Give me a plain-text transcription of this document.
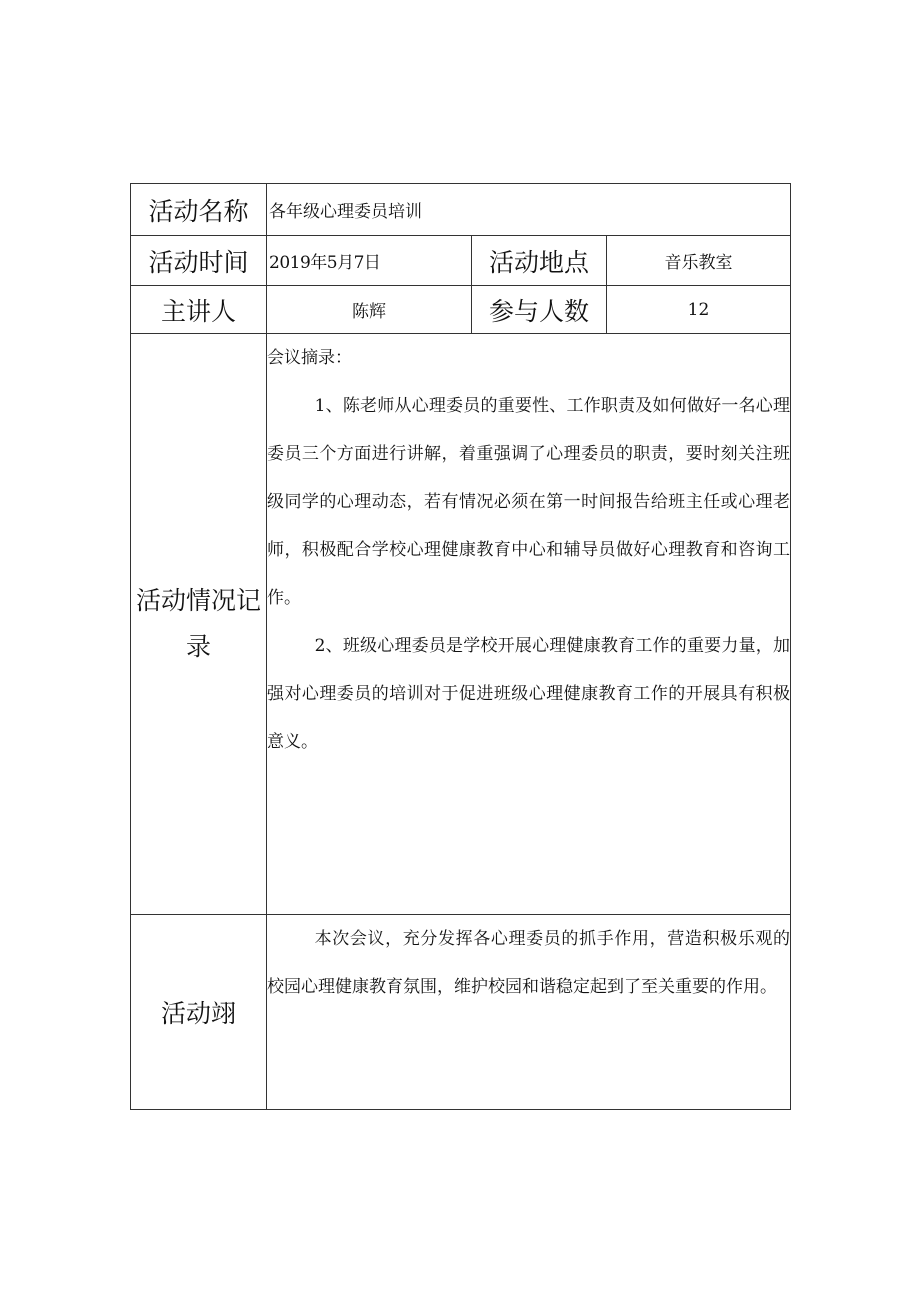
活动名称	各年级心理委员培训		
活动时间	2019年5月7日	活动地点	音乐教室
主讲人	陈辉	参与人数	12
活动情况记录	会议摘录：

1、陈老师从心理委员的重要性、工作职责及如何做好一名心理委员三个方面进行讲解，着重强调了心理委员的职责，要时刻关注班级同学的心理动态，若有情况必须在第一时间报告给班主任或心理老师，积极配合学校心理健康教育中心和辅导员做好心理教育和咨询工作。

2、班级心理委员是学校开展心理健康教育工作的重要力量，加强对心理委员的培训对于促进班级心理健康教育工作的开展具有积极意义。		

活动翊	本次会议，充分发挥各心理委员的抓手作用，营造积极乐观的校园心理健康教育氛围，维护校园和谐稳定起到了至关重要的作用。		
